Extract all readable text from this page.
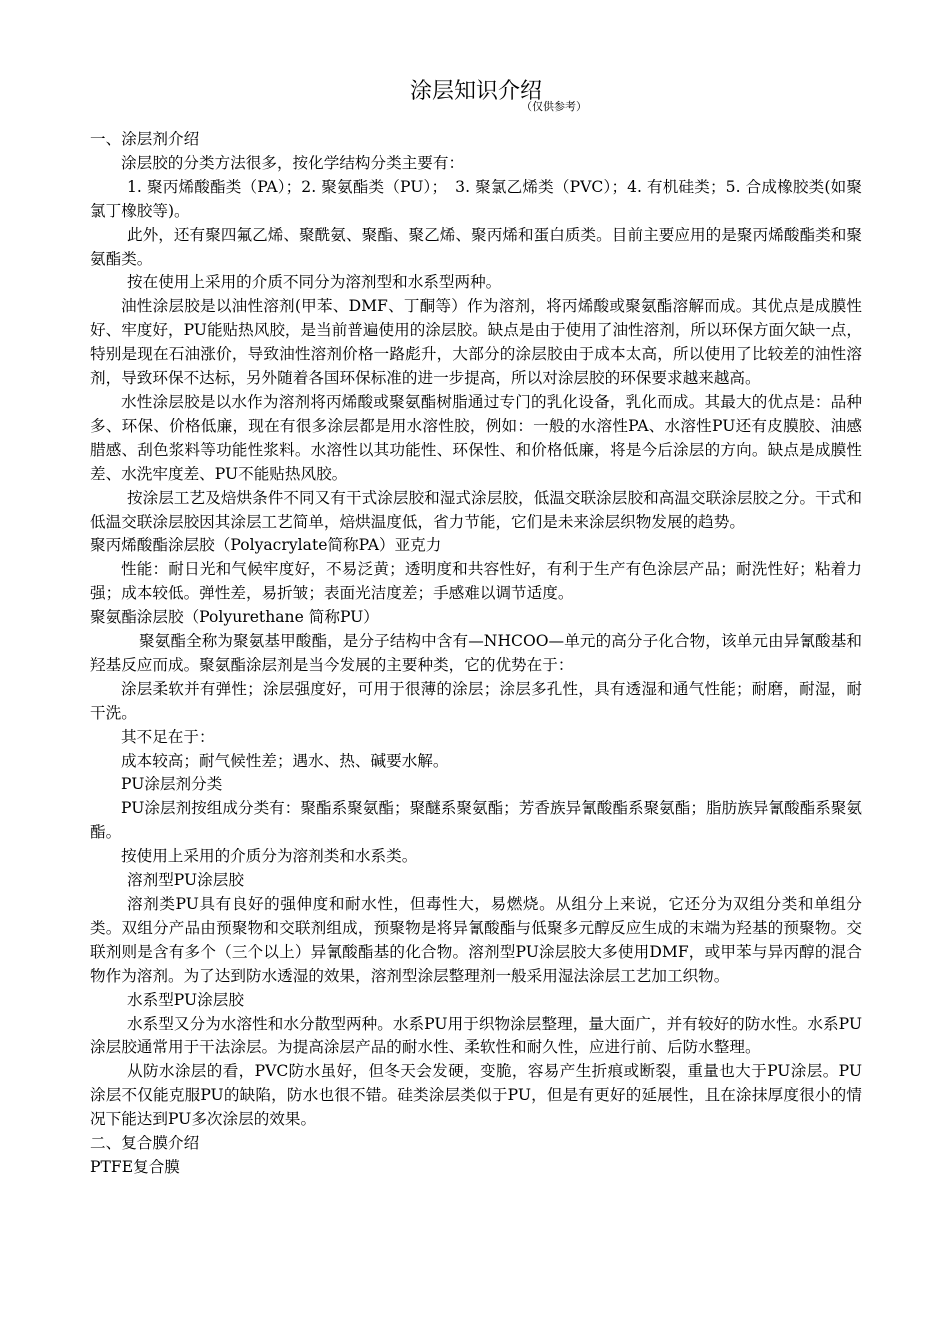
涂层知识介绍
（仅供参考）

一、涂层剂介绍

涂层胶的分类方法很多，按化学结构分类主要有：

1. 聚丙烯酸酯类（PA）；2. 聚氨酯类（PU）；　3. 聚氯乙烯类（PVC）；4. 有机硅类；5. 合成橡胶类(如聚氯丁橡胶等)。

此外，还有聚四氟乙烯、聚酰氨、聚酯、聚乙烯、聚丙烯和蛋白质类。目前主要应用的是聚丙烯酸酯类和聚氨酯类。

按在使用上采用的介质不同分为溶剂型和水系型两种。

油性涂层胶是以油性溶剂(甲苯、DMF、丁酮等）作为溶剂，将丙烯酸或聚氨酯溶解而成。其优点是成膜性好、牢度好，PU能贴热风胶，是当前普遍使用的涂层胶。缺点是由于使用了油性溶剂，所以环保方面欠缺一点，特别是现在石油涨价，导致油性溶剂价格一路彪升，大部分的涂层胶由于成本太高，所以使用了比较差的油性溶剂，导致环保不达标，另外随着各国环保标准的进一步提高，所以对涂层胶的环保要求越来越高。

水性涂层胶是以水作为溶剂将丙烯酸或聚氨酯树脂通过专门的乳化设备，乳化而成。其最大的优点是：品种多、环保、价格低廉，现在有很多涂层都是用水溶性胶，例如：一般的水溶性PA、水溶性PU还有皮膜胶、油感腊感、刮色浆料等功能性浆料。水溶性以其功能性、环保性、和价格低廉，将是今后涂层的方向。缺点是成膜性差、水洗牢度差、PU不能贴热风胶。

按涂层工艺及焙烘条件不同又有干式涂层胶和湿式涂层胶，低温交联涂层胶和高温交联涂层胶之分。干式和低温交联涂层胶因其涂层工艺简单，焙烘温度低，省力节能，它们是未来涂层织物发展的趋势。

聚丙烯酸酯涂层胶（Polyacrylate简称PA）亚克力

性能：耐日光和气候牢度好，不易泛黄；透明度和共容性好，有利于生产有色涂层产品；耐洗性好；粘着力强；成本较低。弹性差，易折皱；表面光洁度差；手感难以调节适度。

聚氨酯涂层胶（Polyurethane 简称PU）

聚氨酯全称为聚氨基甲酸酯，是分子结构中含有—NHCOO—单元的高分子化合物，该单元由异氰酸基和羟基反应而成。聚氨酯涂层剂是当今发展的主要种类，它的优势在于：

涂层柔软并有弹性；涂层强度好，可用于很薄的涂层；涂层多孔性，具有透湿和通气性能；耐磨，耐湿，耐干洗。

其不足在于：

成本较高；耐气候性差；遇水、热、碱要水解。

PU涂层剂分类

PU涂层剂按组成分类有：聚酯系聚氨酯；聚醚系聚氨酯；芳香族异氰酸酯系聚氨酯；脂肪族异氰酸酯系聚氨酯。

按使用上采用的介质分为溶剂类和水系类。

溶剂型PU涂层胶

溶剂类PU具有良好的强伸度和耐水性，但毒性大，易燃烧。从组分上来说，它还分为双组分类和单组分类。双组分产品由预聚物和交联剂组成，预聚物是将异氰酸酯与低聚多元醇反应生成的末端为羟基的预聚物。交联剂则是含有多个（三个以上）异氰酸酯基的化合物。溶剂型PU涂层胶大多使用DMF，或甲苯与异丙醇的混合物作为溶剂。为了达到防水透湿的效果，溶剂型涂层整理剂一般采用湿法涂层工艺加工织物。

水系型PU涂层胶

水系型又分为水溶性和水分散型两种。水系PU用于织物涂层整理，量大面广，并有较好的防水性。水系PU涂层胶通常用于干法涂层。为提高涂层产品的耐水性、柔软性和耐久性，应进行前、后防水整理。

从防水涂层的看，PVC防水虽好，但冬天会发硬，变脆，容易产生折痕或断裂，重量也大于PU涂层。PU涂层不仅能克服PU的缺陷，防水也很不错。硅类涂层类似于PU，但是有更好的延展性，且在涂抹厚度很小的情况下能达到PU多次涂层的效果。

二、复合膜介绍

PTFE复合膜
